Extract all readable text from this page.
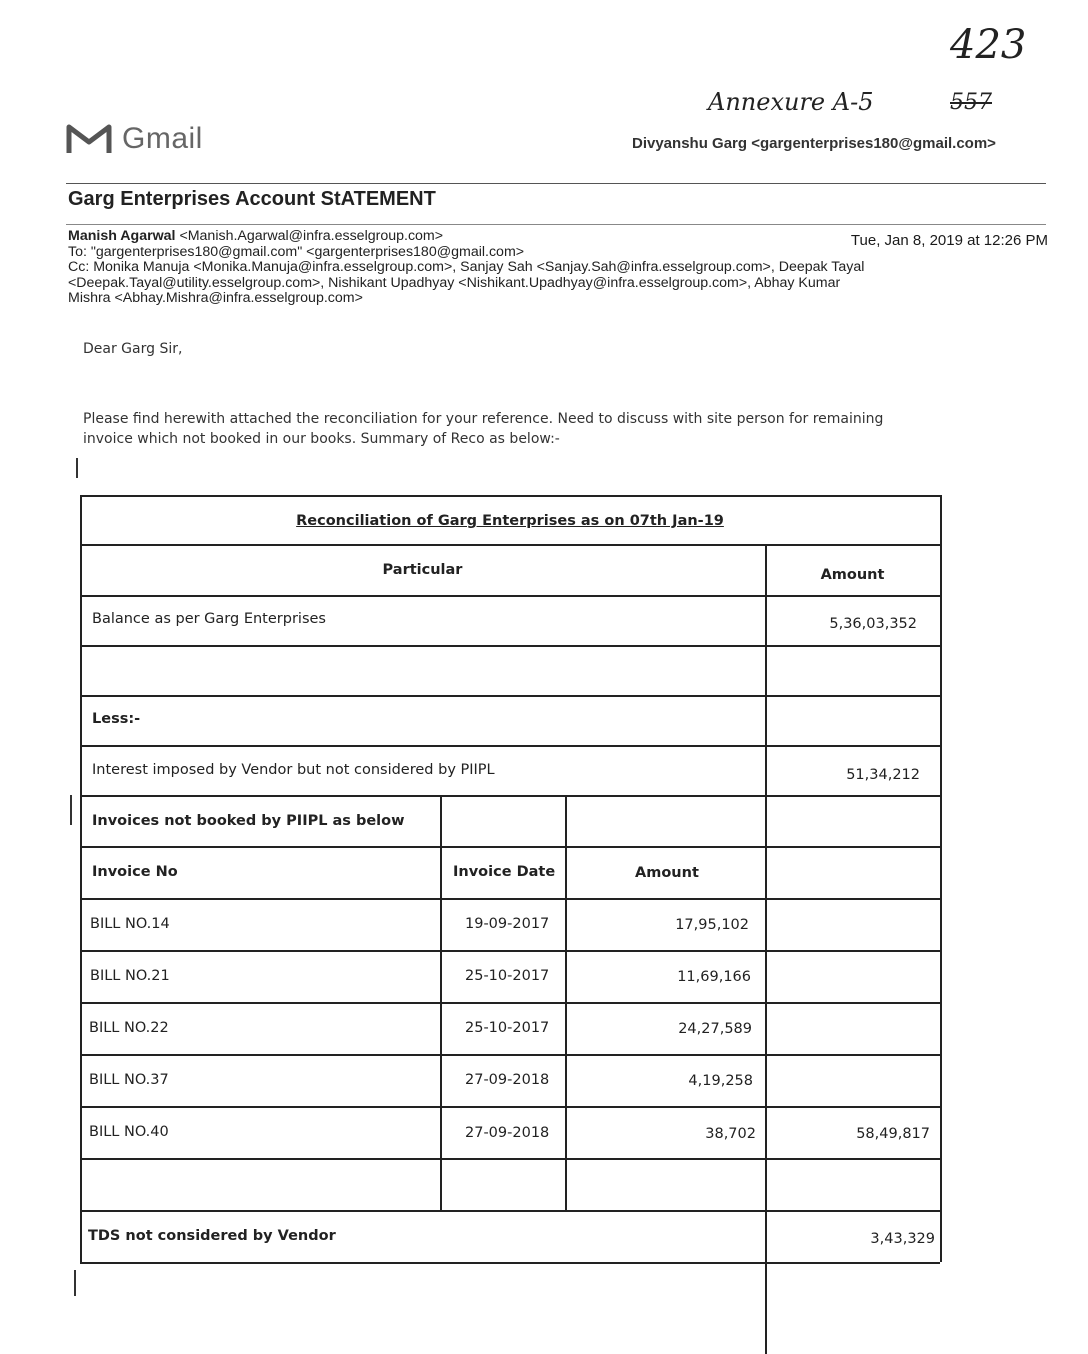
423
Annexure A-5	557
Gmail	Divyanshu Garg <gargenterprises180@gmail.com>
Garg Enterprises Account StATEMENT
Manish Agarwal <Manish.Agarwal@infra.esselgroup.com>
To: "gargenterprises180@gmail.com" <gargenterprises180@gmail.com>
Cc: Monika Manuja <Monika.Manuja@infra.esselgroup.com>, Sanjay Sah <Sanjay.Sah@infra.esselgroup.com>, Deepak Tayal
<Deepak.Tayal@utility.esselgroup.com>, Nishikant Upadhyay <Nishikant.Upadhyay@infra.esselgroup.com>, Abhay Kumar
Mishra <Abhay.Mishra@infra.esselgroup.com>
Tue, Jan 8, 2019 at 12:26 PM
Dear Garg Sir,
Please find herewith attached the reconciliation for your reference. Need to discuss with site person for remaining
invoice which not booked in our books. Summary of Reco as below:-
Reconciliation of Garg Enterprises as on 07th Jan-19
Particular	Amount
Balance as per Garg Enterprises	5,36,03,352
Less:-
Interest imposed by Vendor but not considered by PIIPL	51,34,212
Invoices not booked by PIIPL as below
Invoice No	Invoice Date	Amount
BILL NO.14	19-09-2017	17,95,102
BILL NO.21	25-10-2017	11,69,166
BILL NO.22	25-10-2017	24,27,589
BILL NO.37	27-09-2018	4,19,258
BILL NO.40	27-09-2018	38,702	58,49,817
TDS not considered by Vendor	3,43,329
